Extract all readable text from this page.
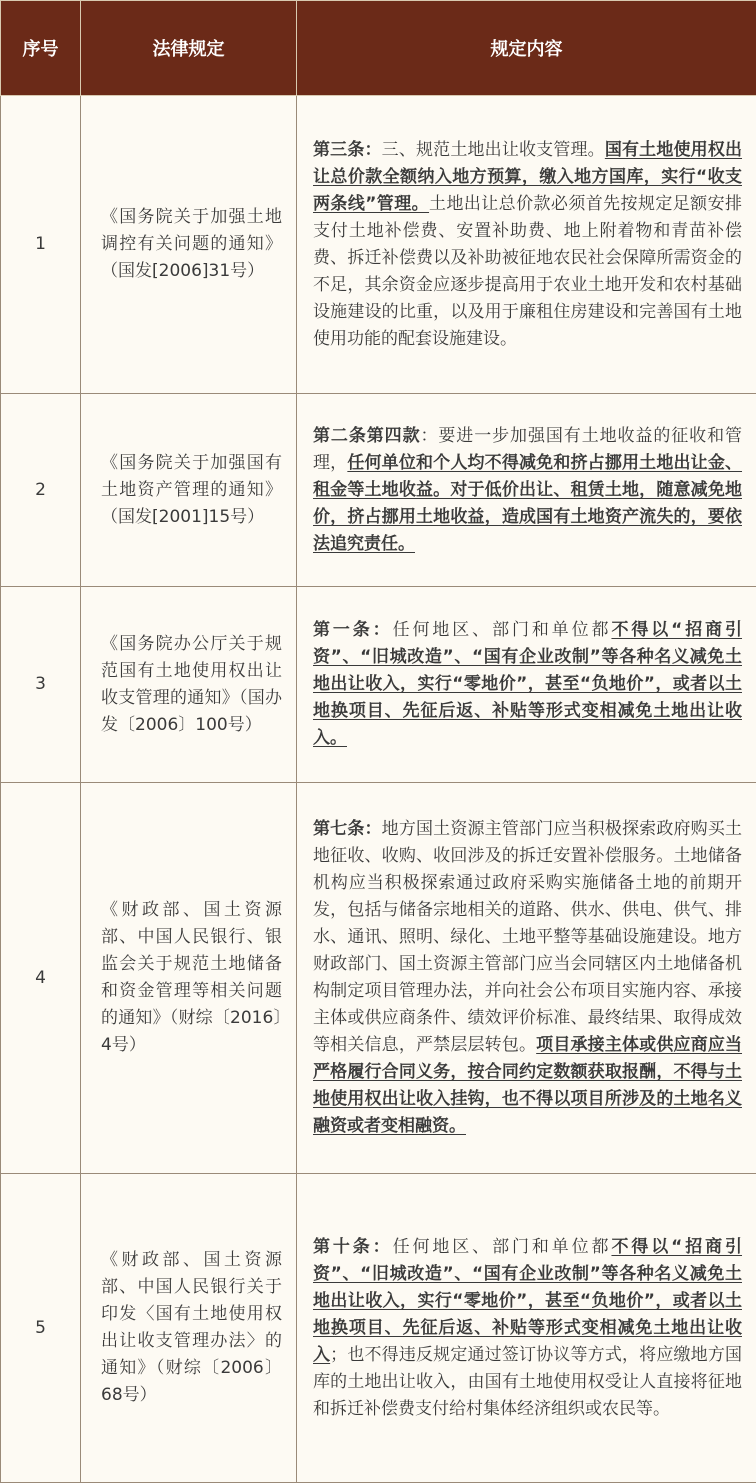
序号	法律规定	规定内容
1	《国务院关于加强土地调控有关问题的通知》（国发[2006]31号）	第三条：三、规范土地出让收支管理。国有土地使用权出让总价款全额纳入地方预算，缴入地方国库，实行“收支两条线”管理。土地出让总价款必须首先按规定足额安排支付土地补偿费、安置补助费、地上附着物和青苗补偿费、拆迁补偿费以及补助被征地农民社会保障所需资金的不足，其余资金应逐步提高用于农业土地开发和农村基础设施建设的比重，以及用于廉租住房建设和完善国有土地使用功能的配套设施建设。
2	《国务院关于加强国有土地资产管理的通知》（国发[2001]15号）	第二条第四款：要进一步加强国有土地收益的征收和管理，任何单位和个人均不得减免和挤占挪用土地出让金、租金等土地收益。对于低价出让、租赁土地，随意减免地价，挤占挪用土地收益，造成国有土地资产流失的，要依法追究责任。
3	《国务院办公厅关于规范国有土地使用权出让收支管理的通知》（国办发〔2006〕100号）	第一条：任何地区、部门和单位都不得以“招商引资”、“旧城改造”、“国有企业改制”等各种名义减免土地出让收入，实行“零地价”，甚至“负地价”，或者以土地换项目、先征后返、补贴等形式变相减免土地出让收入。
4	《财政部、国土资源部、中国人民银行、银监会关于规范土地储备和资金管理等相关问题的通知》（财综〔2016〕4号）	第七条：地方国土资源主管部门应当积极探索政府购买土地征收、收购、收回涉及的拆迁安置补偿服务。土地储备机构应当积极探索通过政府采购实施储备土地的前期开发，包括与储备宗地相关的道路、供水、供电、供气、排水、通讯、照明、绿化、土地平整等基础设施建设。地方财政部门、国土资源主管部门应当会同辖区内土地储备机构制定项目管理办法，并向社会公布项目实施内容、承接主体或供应商条件、绩效评价标准、最终结果、取得成效等相关信息，严禁层层转包。项目承接主体或供应商应当严格履行合同义务，按合同约定数额获取报酬，不得与土地使用权出让收入挂钩，也不得以项目所涉及的土地名义融资或者变相融资。
5	《财政部、国土资源部、中国人民银行关于印发〈国有土地使用权出让收支管理办法〉的通知》（财综〔2006〕68号）	第十条：任何地区、部门和单位都不得以“招商引资”、“旧城改造”、“国有企业改制”等各种名义减免土地出让收入，实行“零地价”，甚至“负地价”，或者以土地换项目、先征后返、补贴等形式变相减免土地出让收入；也不得违反规定通过签订协议等方式，将应缴地方国库的土地出让收入，由国有土地使用权受让人直接将征地和拆迁补偿费支付给村集体经济组织或农民等。
